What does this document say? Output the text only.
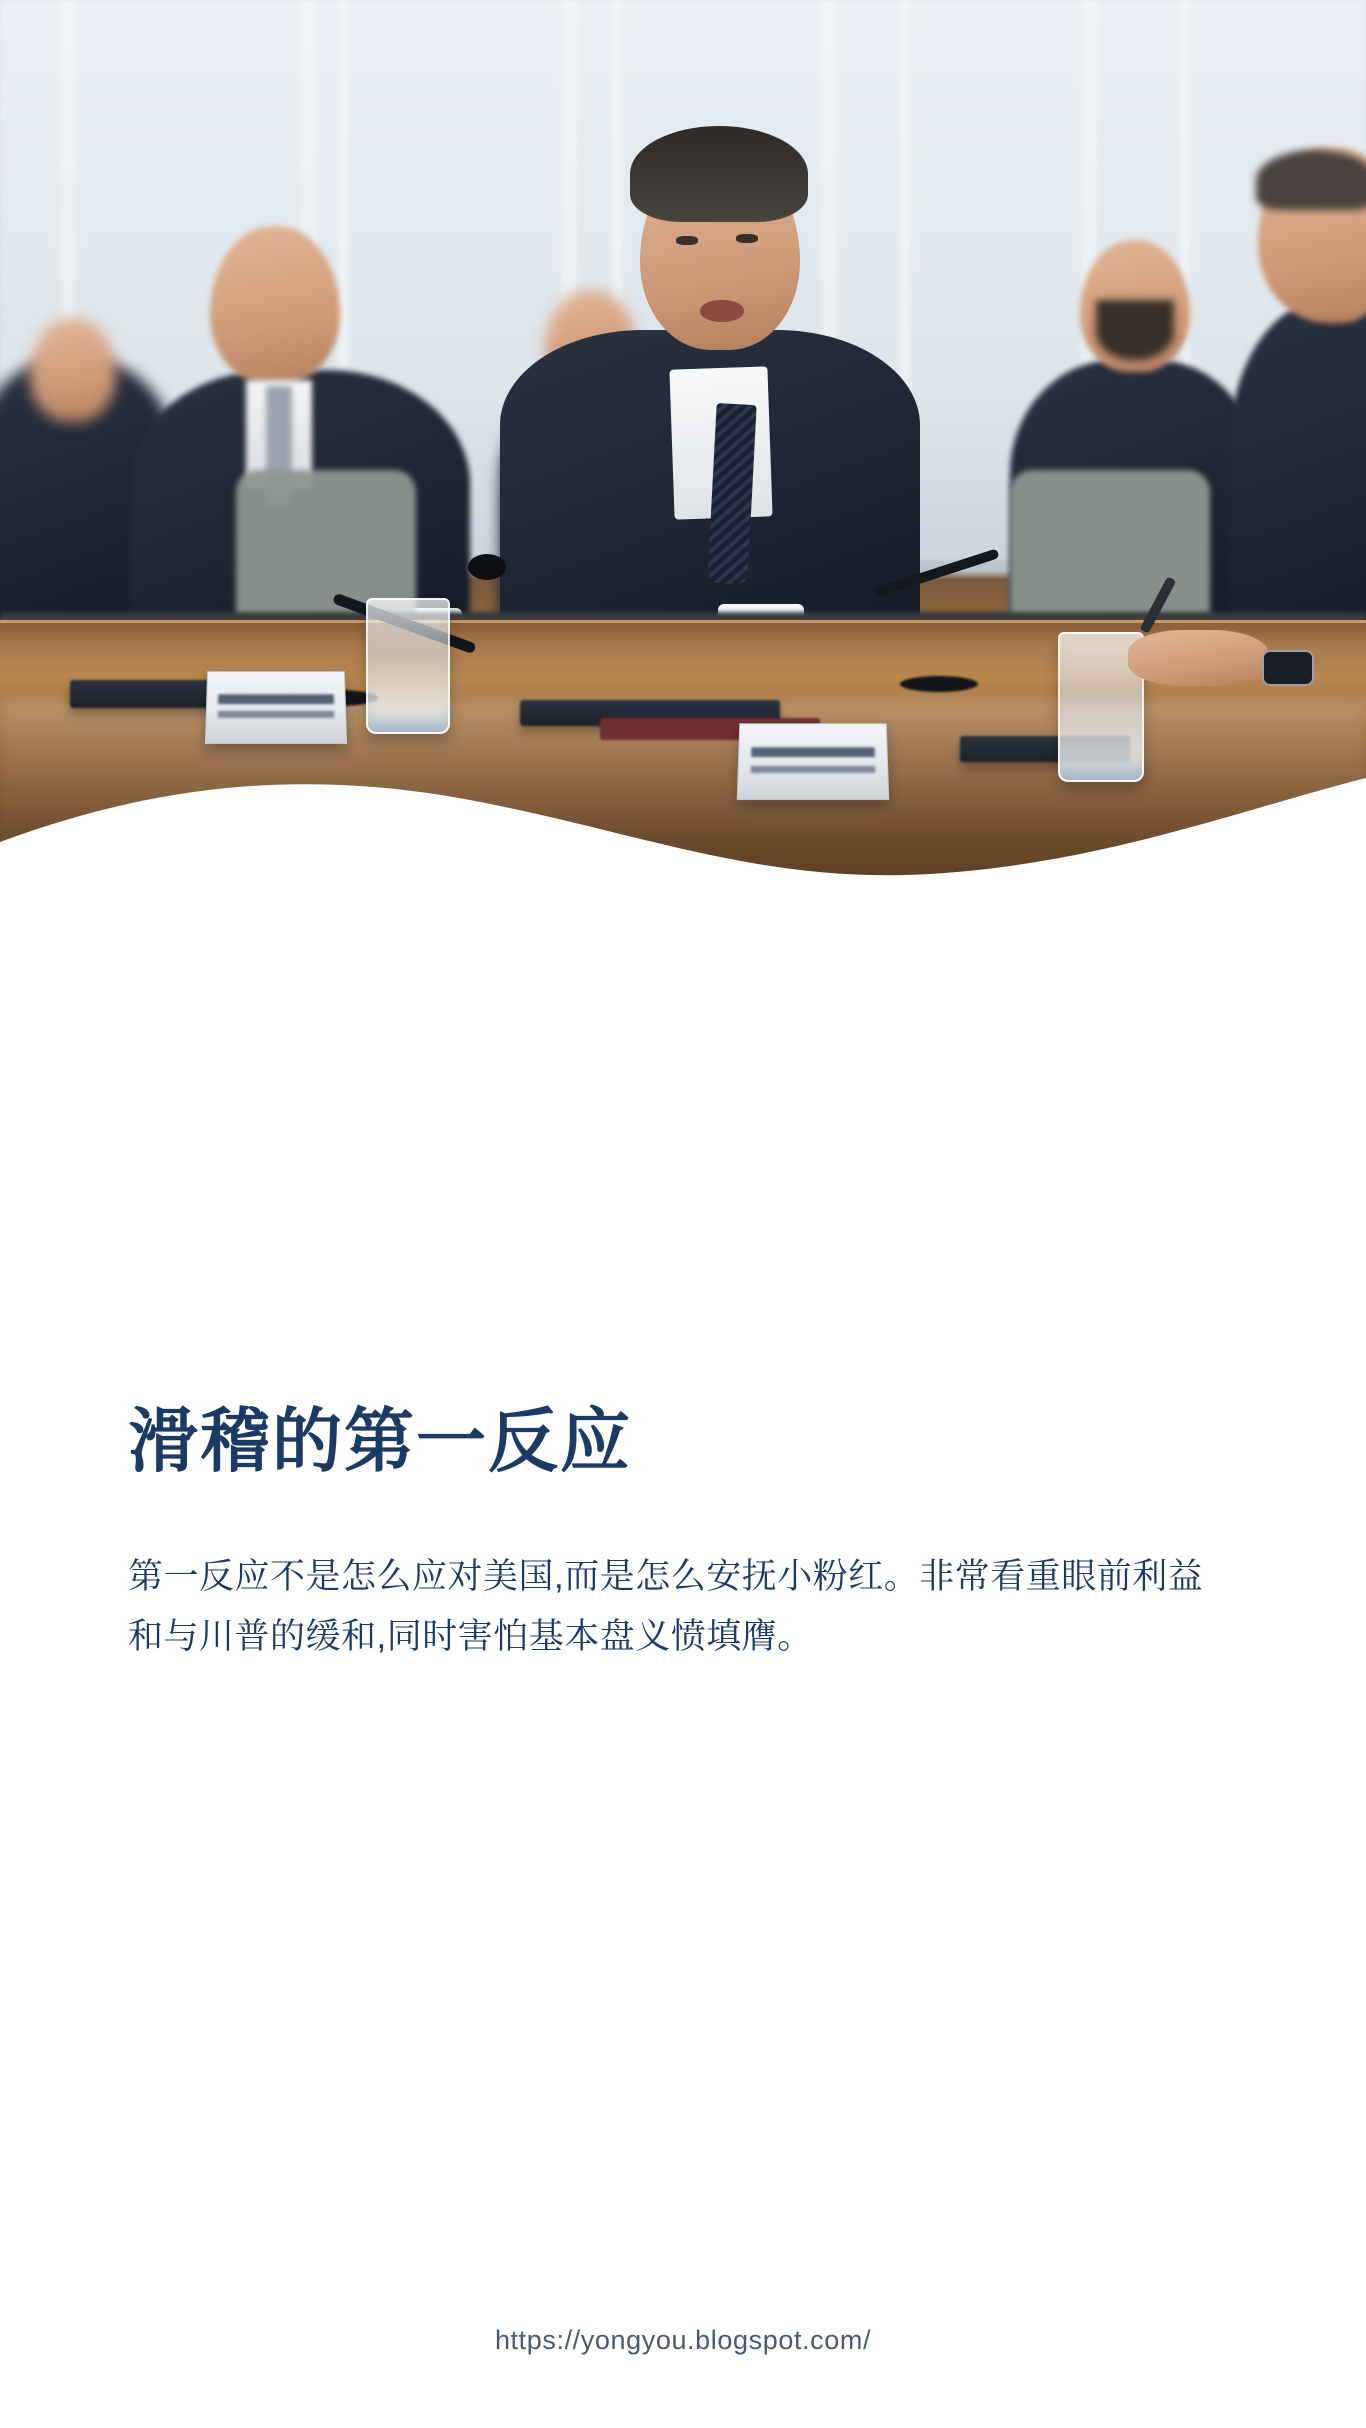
滑稽的第一反应

第一反应不是怎么应对美国,而是怎么安抚小粉红。非常看重眼前利益和与川普的缓和,同时害怕基本盘义愤填膺。

https://yongyou.blogspot.com/
